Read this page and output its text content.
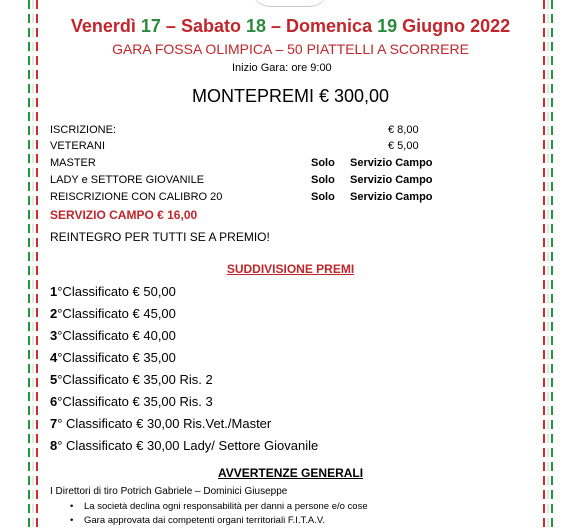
Venerdì 17 – Sabato 18 – Domenica 19 Giugno 2022
GARA FOSSA OLIMPICA – 50 PIATTELLI A SCORRERE
Inizio Gara: ore 9:00
MONTEPREMI € 300,00
ISCRIZIONE:	€ 8,00
VETERANI	€ 5,00
MASTER	Solo Servizio Campo
LADY e SETTORE GIOVANILE	Solo Servizio Campo
REISCRIZIONE CON CALIBRO 20	Solo Servizio Campo
SERVIZIO CAMPO € 16,00
REINTEGRO PER TUTTI SE A PREMIO!
SUDDIVISIONE PREMI
1°Classificato € 50,00
2°Classificato € 45,00
3°Classificato € 40,00
4°Classificato € 35,00
5°Classificato € 35,00 Ris. 2
6°Classificato € 35,00 Ris. 3
7° Classificato € 30,00 Ris.Vet./Master
8° Classificato € 30,00 Lady/ Settore Giovanile
AVVERTENZE GENERALI
I Direttori di tiro Potrich Gabriele – Dominici Giuseppe
• La società declina ogni responsabilità per danni a persone e/o cose
• Gara approvata dai competenti organi territoriali F.I.T.A.V.
